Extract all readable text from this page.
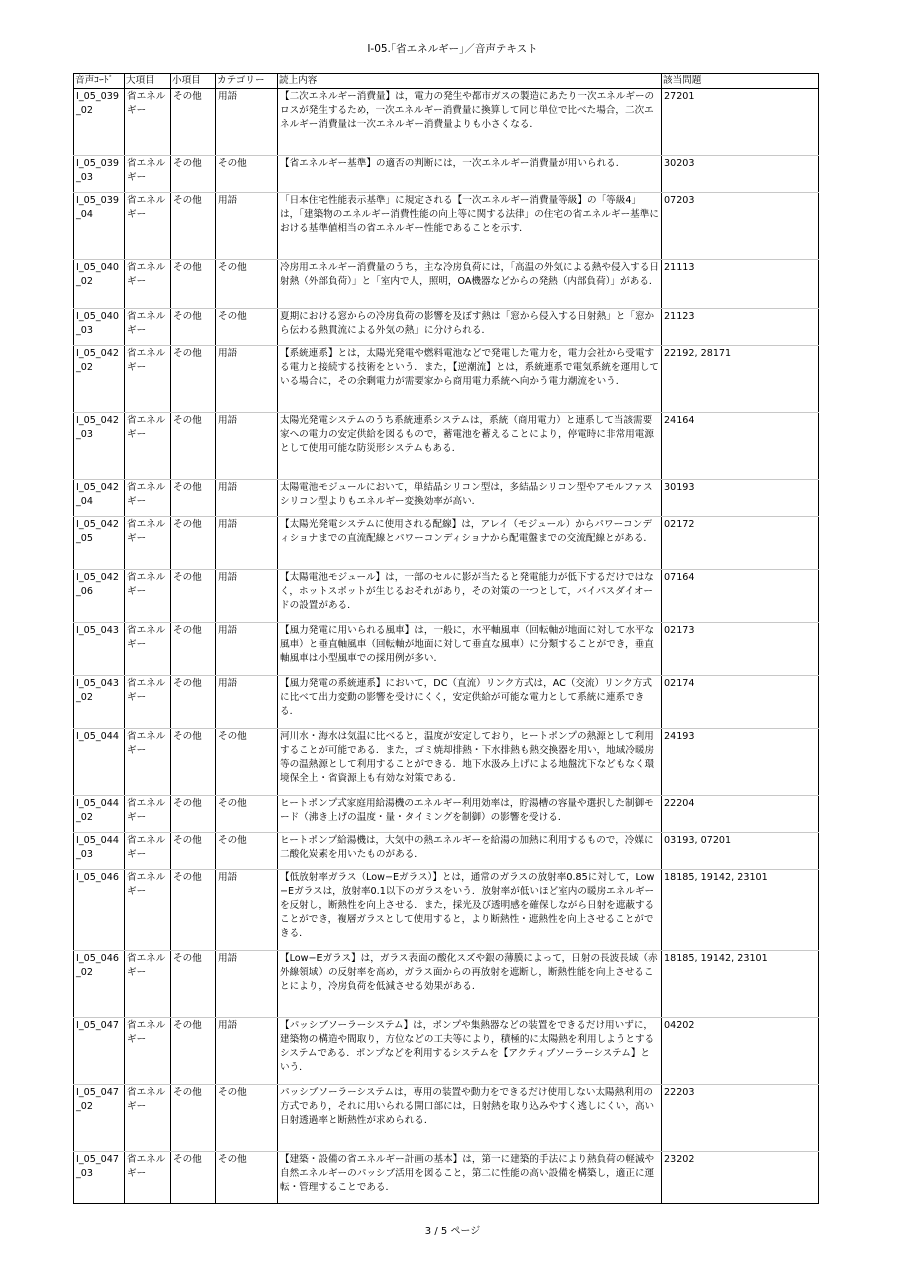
I-05.｢省エネルギー｣／音声テキスト
音声ｺｰﾄﾞ	大項目	小項目	カテゴリー	読上内容	該当問題
I_05_039_02	省エネルギー	その他	用語	【二次エネルギー消費量】は，電力の発生や都市ガスの製造にあたり一次エネルギーのロスが発生するため，一次エネルギー消費量に換算して同じ単位で比べた場合，二次エネルギー消費量は一次エネルギー消費量よりも小さくなる．	27201
I_05_039_03	省エネルギー	その他	その他	【省エネルギー基準】の適否の判断には，一次エネルギー消費量が用いられる．	30203
I_05_039_04	省エネルギー	その他	用語	「日本住宅性能表示基準」に規定される【一次エネルギー消費量等級】の「等級4」は，「建築物のエネルギー消費性能の向上等に関する法律」の住宅の省エネルギー基準における基準値相当の省エネルギー性能であることを示す．	07203
I_05_040_02	省エネルギー	その他	その他	冷房用エネルギー消費量のうち，主な冷房負荷には，「高温の外気による熱や侵入する日射熱（外部負荷）」と「室内で人，照明，OA機器などからの発熱（内部負荷）」がある．	21113
I_05_040_03	省エネルギー	その他	その他	夏期における窓からの冷房負荷の影響を及ぼす熱は「窓から侵入する日射熱」と「窓から伝わる熱貫流による外気の熱」に分けられる．	21123
I_05_042_02	省エネルギー	その他	用語	【系統連系】とは，太陽光発電や燃料電池などで発電した電力を，電力会社から受電する電力と接続する技術をという．また，【逆潮流】とは，系統連系で電気系統を運用している場合に，その余剰電力が需要家から商用電力系統へ向かう電力潮流をいう．	22192, 28171
I_05_042_03	省エネルギー	その他	用語	太陽光発電システムのうち系統連系システムは，系統（商用電力）と連系して当該需要家への電力の安定供給を図るもので，蓄電池を蓄えることにより，停電時に非常用電源として使用可能な防災形システムもある．	24164
I_05_042_04	省エネルギー	その他	用語	太陽電池モジュールにおいて，単結晶シリコン型は，多結晶シリコン型やアモルファスシリコン型よりもエネルギー変換効率が高い．	30193
I_05_042_05	省エネルギー	その他	用語	【太陽光発電システムに使用される配線】は，アレイ（モジュール）からパワーコンディショナまでの直流配線とパワーコンディショナから配電盤までの交流配線とがある．	02172
I_05_042_06	省エネルギー	その他	用語	【太陽電池モジュール】は，一部のセルに影が当たると発電能力が低下するだけではなく，ホットスポットが生じるおそれがあり，その対策の一つとして，バイパスダイオードの設置がある．	07164
I_05_043	省エネルギー	その他	用語	【風力発電に用いられる風車】は，一般に，水平軸風車（回転軸が地面に対して水平な風車）と垂直軸風車（回転軸が地面に対して垂直な風車）に分類することができ，垂直軸風車は小型風車での採用例が多い．	02173
I_05_043_02	省エネルギー	その他	用語	【風力発電の系統連系】において，DC（直流）リンク方式は，AC（交流）リンク方式に比べて出力変動の影響を受けにくく，安定供給が可能な電力として系統に連系できる．	02174
I_05_044	省エネルギー	その他	その他	河川水・海水は気温に比べると，温度が安定しており，ヒートポンプの熱源として利用することが可能である．また，ゴミ焼却排熱・下水排熱も熱交換器を用い，地域冷暖房等の温熱源として利用することができる．地下水汲み上げによる地盤沈下などもなく環境保全上・省資源上も有効な対策である．	24193
I_05_044_02	省エネルギー	その他	その他	ヒートポンプ式家庭用給湯機のエネルギー利用効率は，貯湯槽の容量や選択した制御モード（沸き上げの温度・量・タイミングを制御）の影響を受ける．	22204
I_05_044_03	省エネルギー	その他	その他	ヒートポンプ給湯機は，大気中の熱エネルギーを給湯の加熱に利用するもので，冷媒に二酸化炭素を用いたものがある．	03193, 07201
I_05_046	省エネルギー	その他	用語	【低放射率ガラス（Low−Eガラス）】とは，通常のガラスの放射率0.85に対して，Low−Eガラスは，放射率0.1以下のガラスをいう．放射率が低いほど室内の暖房エネルギーを反射し，断熱性を向上させる．また，採光及び透明感を確保しながら日射を遮蔽することができ，複層ガラスとして使用すると，より断熱性・遮熱性を向上させることができる．	18185, 19142, 23101
I_05_046_02	省エネルギー	その他	用語	【Low−Eガラス】は，ガラス表面の酸化スズや銀の薄膜によって，日射の長波長域（赤外線領域）の反射率を高め，ガラス面からの再放射を遮断し，断熱性能を向上させることにより，冷房負荷を低減させる効果がある．	18185, 19142, 23101
I_05_047	省エネルギー	その他	用語	【パッシブソーラーシステム】は，ポンプや集熱器などの装置をできるだけ用いずに，建築物の構造や間取り，方位などの工夫等により，積極的に太陽熱を利用しようとするシステムである．ポンプなどを利用するシステムを【アクティブソーラーシステム】という．	04202
I_05_047_02	省エネルギー	その他	その他	パッシブソーラーシステムは，専用の装置や動力をできるだけ使用しない太陽熱利用の方式であり，それに用いられる開口部には，日射熱を取り込みやすく逃しにくい，高い日射透過率と断熱性が求められる．	22203
I_05_047_03	省エネルギー	その他	その他	【建築・設備の省エネルギー計画の基本】は，第一に建築的手法により熱負荷の軽減や自然エネルギーのパッシブ活用を図ること，第二に性能の高い設備を構築し，適正に運転・管理することである．	23202
3 / 5 ページ
